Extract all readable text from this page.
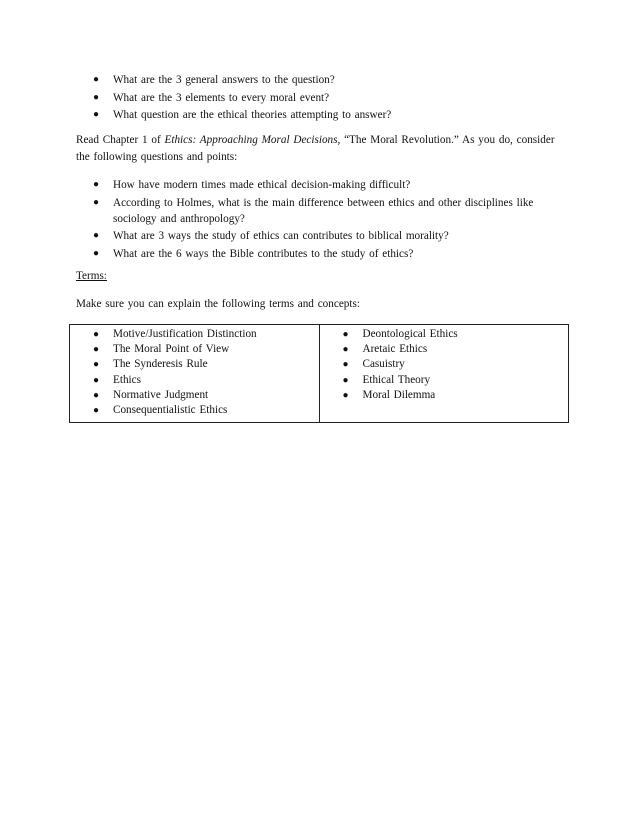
● What are the 3 general answers to the question?
● What are the 3 elements to every moral event?
● What question are the ethical theories attempting to answer?

Read Chapter 1 of Ethics: Approaching Moral Decisions, “The Moral Revolution.” As you do, consider the following questions and points:

● How have modern times made ethical decision-making difficult?
● According to Holmes, what is the main difference between ethics and other disciplines like sociology and anthropology?
● What are 3 ways the study of ethics can contributes to biblical morality?
● What are the 6 ways the Bible contributes to the study of ethics?

Terms:

Make sure you can explain the following terms and concepts:

● Motive/Justification Distinction
● The Moral Point of View
● The Synderesis Rule
● Ethics
● Normative Judgment
● Consequentialistic Ethics

● Deontological Ethics
● Aretaic Ethics
● Casuistry
● Ethical Theory
● Moral Dilemma
